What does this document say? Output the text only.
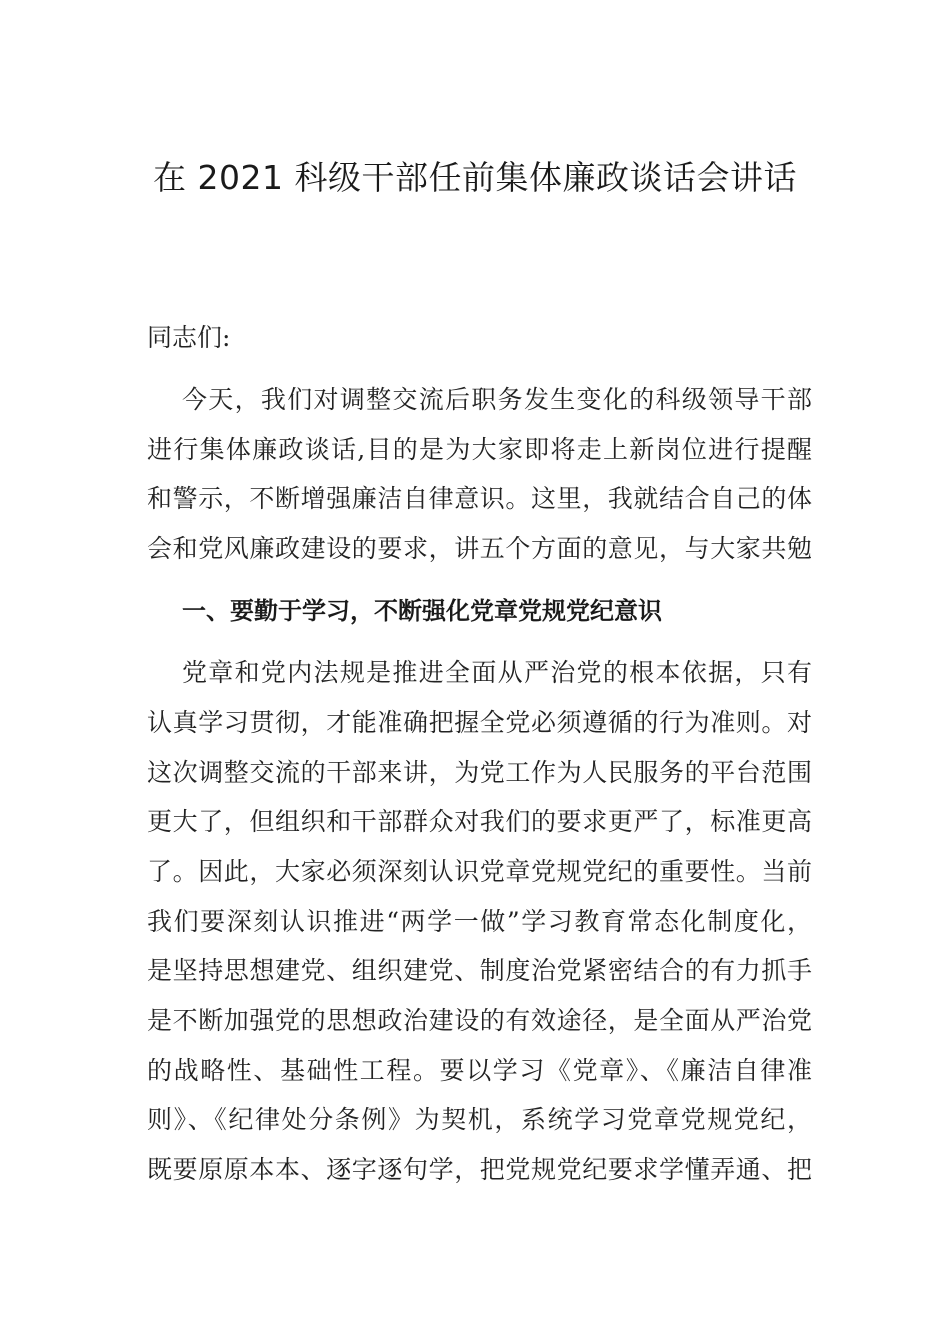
在 2021 科级干部任前集体廉政谈话会讲话
同志们:
今天，我们对调整交流后职务发生变化的科级领导干部
进行集体廉政谈话,目的是为大家即将走上新岗位进行提醒
和警示，不断增强廉洁自律意识。这里，我就结合自己的体
会和党风廉政建设的要求，讲五个方面的意见，与大家共勉
一、要勤于学习，不断强化党章党规党纪意识
党章和党内法规是推进全面从严治党的根本依据，只有
认真学习贯彻，才能准确把握全党必须遵循的行为准则。对
这次调整交流的干部来讲，为党工作为人民服务的平台范围
更大了，但组织和干部群众对我们的要求更严了，标准更高
了。因此，大家必须深刻认识党章党规党纪的重要性。当前
我们要深刻认识推进“两学一做”学习教育常态化制度化，
是坚持思想建党、组织建党、制度治党紧密结合的有力抓手
是不断加强党的思想政治建设的有效途径，是全面从严治党
的战略性、基础性工程。要以学习《党章》、《廉洁自律准
则》、《纪律处分条例》为契机，系统学习党章党规党纪，
既要原原本本、逐字逐句学，把党规党纪要求学懂弄通、把
